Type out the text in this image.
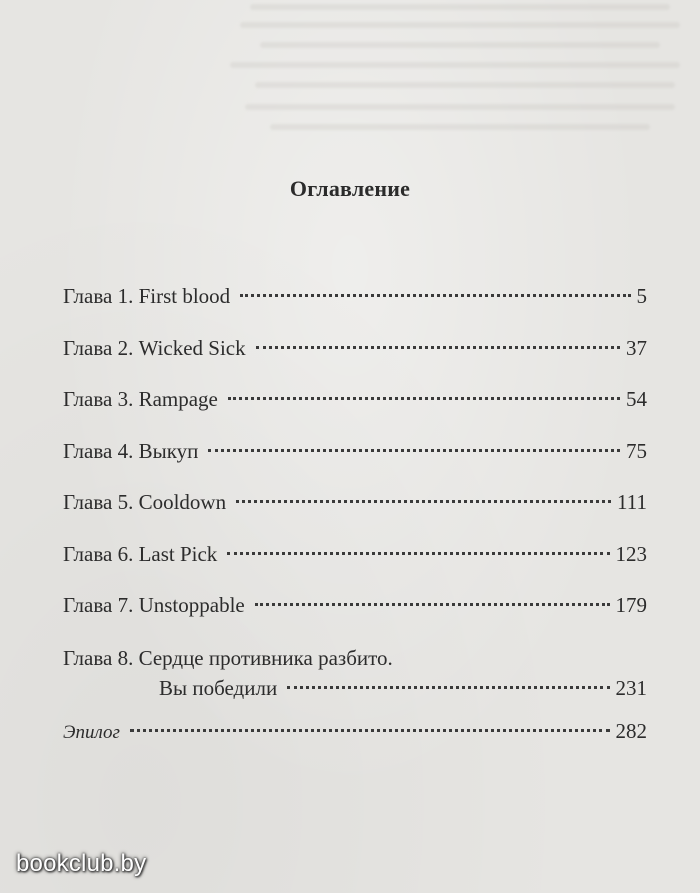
Оглавление
Глава 1. First blood	5
Глава 2. Wicked Sick	37
Глава 3. Rampage	54
Глава 4. Выкуп	75
Глава 5. Cooldown	111
Глава 6. Last Pick	123
Глава 7. Unstoppable	179
Глава 8. Сердце противника разбито.
Вы победили	231
Эпилог	282
bookclub.by
